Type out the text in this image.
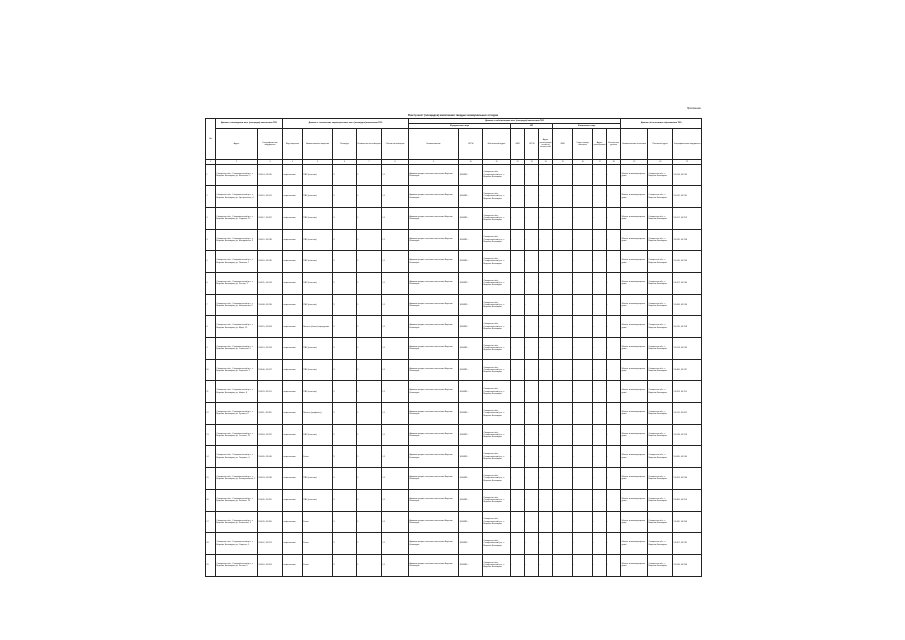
Приложение
Реестр мест (площадок) накопления твердых коммунальных отходов
№	Данные о нахождении мест (площадок) накопления ТКО		Данные о технических характеристиках мест (площадок) накопления ТКО					Данные о собственниках мест (площадок) накопления ТКО										Данные об источниках образования ТКО		
								Юридические лица			ИП			Физические лица						
	Адрес	Географические координаты	Вид покрытия	Наименование покрытия	Площадь	Количество контейнеров	Объем контейнеров	Наименование	ОГРН	Фактический адрес	ФИО	ОГРН	Адрес регистрации по месту жительства	ФИО	Серия номер паспорта	Адрес регистрации	Контактные данные	Наименование источника	Почтовый адрес	Географические координаты
1	2	3	4	5	6	7	8	9	10	11	12	13	14	15	16	17	18	19	20	21
1	Самарская обл., Ставропольский р-н, с. Верхние Белозерки, ул. Школьная, 1	53.414, 49.245	асфальтовое	ПВХ (пластик)	3	1	1,1	Администрация сельского поселения Верхние Белозерки	1056382...	Самарская обл., Ставропольский р-н, с. Верхние Белозерки	-	-	-	-	-	-	-	Жилые многоквартирные дома	Самарская обл., с. Верхние Белозерки	53.414, 49.245
2	Самарская обл., Ставропольский р-н, с. Верхние Белозерки, ул. Центральная, 4	53.412, 49.241	асфальтовое	ПВХ (пластик)	3	1	1,1	Администрация сельского поселения Верхние Белозерки	1056382...	Самарская обл., Ставропольский р-н, с. Верхние Белозерки	-	-	-	-	-	-	-	Жилые многоквартирные дома	Самарская обл., с. Верхние Белозерки	53.412, 49.241
3	Самарская обл., Ставропольский р-н, с. Верхние Белозерки, ул. Садовая, 12	53.417, 49.252	асфальтовое	ПВХ (пластик)	3	1	1,1	Администрация сельского поселения Верхние Белозерки	1056382...	Самарская обл., Ставропольский р-н, с. Верхние Белозерки	-	-	-	-	-	-	-	Жилые многоквартирные дома	Самарская обл., с. Верхние Белозерки	53.417, 49.252
4	Самарская обл., Ставропольский р-н, с. Верхние Белозерки, ул. Молодежная, 3	53.419, 49.238	асфальтовое	ПВХ (пластик)	3	1	1,1	Администрация сельского поселения Верхние Белозерки	1056382...	Самарская обл., Ставропольский р-н, с. Верхние Белозерки	-	-	-	-	-	-	-	Жилые многоквартирные дома	Самарская обл., с. Верхние Белозерки	53.419, 49.238
5	Самарская обл., Ставропольский р-н, с. Верхние Белозерки, ул. Полевая, 7	53.410, 49.249	асфальтовое	ПВХ (пластик)	3	1	1,1	Администрация сельского поселения Верхние Белозерки	1056382...	Самарская обл., Ставропольский р-н, с. Верхние Белозерки	-	-	-	-	-	-	-	Жилые многоквартирные дома	Самарская обл., с. Верхние Белозерки	53.410, 49.249
6	Самарская обл., Ставропольский р-н, с. Верхние Белозерки, ул. Лесная, 2	53.421, 49.244	асфальтовое	ПВХ (пластик)	3	1	1,1	Администрация сельского поселения Верхние Белозерки	1056382...	Самарская обл., Ставропольский р-н, с. Верхние Белозерки	-	-	-	-	-	-	-	Жилые многоквартирные дома	Самарская обл., с. Верхние Белозерки	53.421, 49.244
7	Самарская обл., Ставропольский р-н, с. Верхние Белозерки, ул. Набережная, 9	53.408, 49.236	асфальтовое	ПВХ (пластик)	3	1	1,1	Администрация сельского поселения Верхние Белозерки	1056382...	Самарская обл., Ставропольский р-н, с. Верхние Белозерки	-	-	-	-	-	-	-	Жилые многоквартирные дома	Самарская обл., с. Верхние Белозерки	53.408, 49.236
8	Самарская обл., Ставропольский р-н, с. Верхние Белозерки, ул. Мира, 15	53.415, 49.258	асфальтовое	Металл (бетон) ограждение	3	1	1,1	Администрация сельского поселения Верхние Белозерки	1056382...	Самарская обл., Ставропольский р-н, с. Верхние Белозерки	-	-	-	-	-	-	-	Жилые многоквартирные дома	Самарская обл., с. Верхние Белозерки	53.415, 49.258
9	Самарская обл., Ставропольский р-н, с. Верхние Белозерки, ул. Советская, 5	53.413, 49.233	асфальтовое	ПВХ (пластик)	3	1	1,1	Администрация сельского поселения Верхние Белозерки	1056382...	Самарская обл., Ставропольский р-н, с. Верхние Белозерки	-	-	-	-	-	-	-	Жилые многоквартирные дома	Самарская обл., с. Верхние Белозерки	53.413, 49.233
10	Самарская обл., Ставропольский р-н, с. Верхние Белозерки, ул. Заречная, 1	53.406, 49.247	асфальтовое	ПВХ (пластик)	3	1	1,1	Администрация сельского поселения Верхние Белозерки	1056382...	Самарская обл., Ставропольский р-н, с. Верхние Белозерки	-	-	-	-	-	-	-	Жилые многоквартирные дома	Самарская обл., с. Верхние Белозерки	53.406, 49.247
11	Самарская обл., Ставропольский р-н, с. Верхние Белозерки, ул. Новая, 8	53.423, 49.251	асфальтовое	ПВХ (пластик)	3	1	1,1	Администрация сельского поселения Верхние Белозерки	1056382...	Самарская обл., Ставропольский р-н, с. Верхние Белозерки	-	-	-	-	-	-	-	Жилые многоквартирные дома	Самарская обл., с. Верхние Белозерки	53.423, 49.251
12	Самарская обл., Ставропольский р-н, с. Верхние Белозерки, ул. Луговая, 6	53.411, 49.262	асфальтовое	Металл (профлист)	3	1	1,1	Администрация сельского поселения Верхние Белозерки	1056382...	Самарская обл., Ставропольский р-н, с. Верхние Белозерки	-	-	-	-	-	-	-	Жилые многоквартирные дома	Самарская обл., с. Верхние Белозерки	53.411, 49.262
13	Самарская обл., Ставропольский р-н, с. Верхние Белозерки, ул. Степная, 11	53.418, 49.229	асфальтовое	ПВХ (пластик)	3	1	1,1	Администрация сельского поселения Верхние Белозерки	1056382...	Самарская обл., Ставропольский р-н, с. Верхние Белозерки	-	-	-	-	-	-	-	Жилые многоквартирные дома	Самарская обл., с. Верхние Белозерки	53.418, 49.229
14	Самарская обл., Ставропольский р-н, с. Верхние Белозерки, ул. Гагарина, 4	53.405, 49.240	асфальтовое	Бетон	3	1	1,1	Администрация сельского поселения Верхние Белозерки	1056382...	Самарская обл., Ставропольский р-н, с. Верхние Белозерки	-	-	-	-	-	-	-	Жилые многоквартирные дома	Самарская обл., с. Верхние Белозерки	53.405, 49.240
15	Самарская обл., Ставропольский р-н, с. Верхние Белозерки, ул. Кооперативная, 2	53.424, 49.236	асфальтовое	ПВХ (пластик)	3	1	1,1	Администрация сельского поселения Верхние Белозерки	1056382...	Самарская обл., Ставропольский р-н, с. Верхние Белозерки	-	-	-	-	-	-	-	Жилые многоквартирные дома	Самарская обл., с. Верхние Белозерки	53.424, 49.236
16	Самарская обл., Ставропольский р-н, с. Верхние Белозерки, ул. Рабочая, 10	53.409, 49.255	асфальтовое	ПВХ (пластик)	3	1	1,1	Администрация сельского поселения Верхние Белозерки	1056382...	Самарская обл., Ставропольский р-н, с. Верхние Белозерки	-	-	-	-	-	-	-	Жилые многоквартирные дома	Самарская обл., с. Верхние Белозерки	53.409, 49.255
17	Самарская обл., Ставропольский р-н, с. Верхние Белозерки, ул. Колхозная, 3	53.420, 49.260	асфальтовое	Бетон	3	1	1,1	Администрация сельского поселения Верхние Белозерки	1056382...	Самарская обл., Ставропольский р-н, с. Верхние Белозерки	-	-	-	-	-	-	-	Жилые многоквартирные дома	Самарская обл., с. Верхние Белозерки	53.420, 49.260
18	Самарская обл., Ставропольский р-н, с. Верхние Белозерки, ул. Озерная, 1	53.407, 49.231	асфальтовое	Бетон	3	1	1,1	Администрация сельского поселения Верхние Белозерки	1056382...	Самарская обл., Ставропольский р-н, с. Верхние Белозерки	-	-	-	-	-	-	-	Жилые многоквартирные дома	Самарская обл., с. Верхние Белозерки	53.407, 49.231
19	Самарская обл., Ставропольский р-н, с. Верхние Белозерки, ул. Речная, 5	53.416, 49.264	асфальтовое	Бетон	3	1	1,1	Администрация сельского поселения Верхние Белозерки	1056382...	Самарская обл., Ставропольский р-н, с. Верхние Белозерки	-	-	-	-	-	-	-	Жилые многоквартирные дома	Самарская обл., с. Верхние Белозерки	53.416, 49.264
